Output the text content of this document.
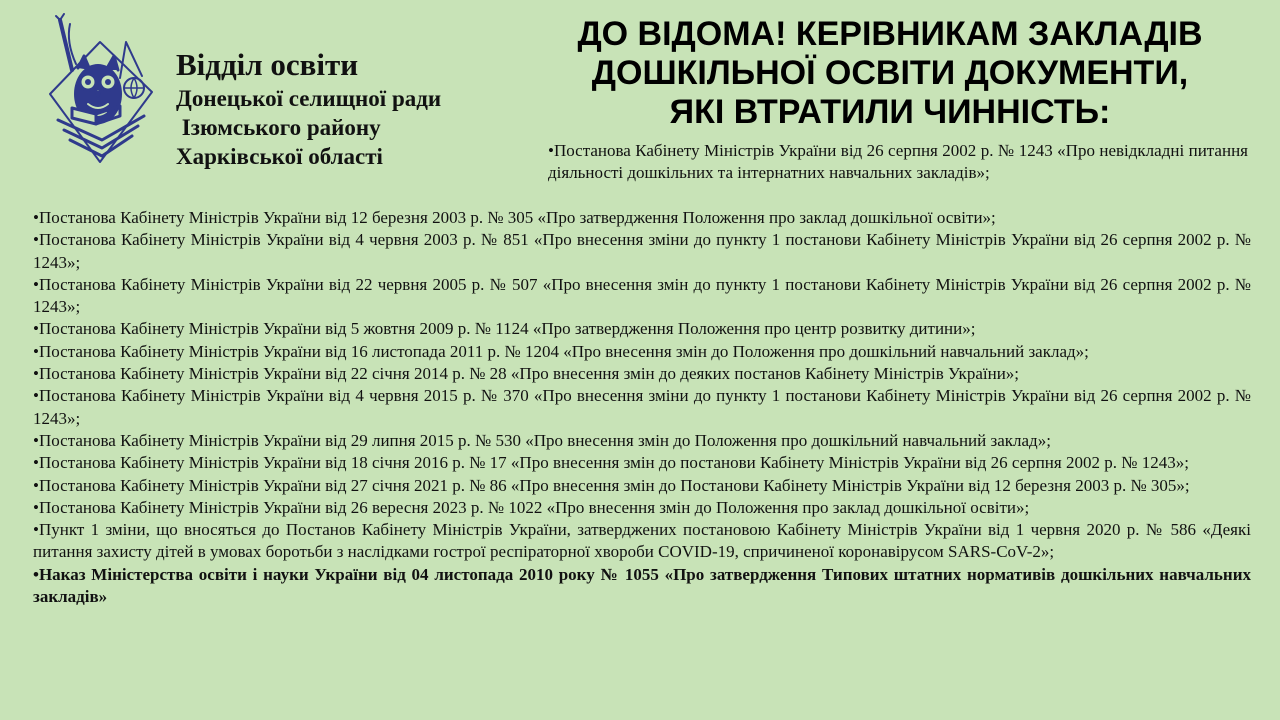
Відділ освіти
Донецької селищної ради
Ізюмського району
Харківської області
ДО ВІДОМА! КЕРІВНИКАМ ЗАКЛАДІВ
ДОШКІЛЬНОЇ ОСВІТИ ДОКУМЕНТИ,
ЯКІ ВТРАТИЛИ ЧИННІСТЬ:

•Постанова Кабінету Міністрів України від 26 серпня 2002 р. № 1243 «Про невідкладні питання діяльності дошкільних та інтернатних навчальних закладів»;

•Постанова Кабінету Міністрів України від 12 березня 2003 р. № 305 «Про затвердження Положення про заклад дошкільної освіти»;

•Постанова Кабінету Міністрів України від 4 червня 2003 р. № 851 «Про внесення зміни до пункту 1 постанови Кабінету Міністрів України від 26 серпня 2002 р. № 1243»;

•Постанова Кабінету Міністрів України від 22 червня 2005 р. № 507 «Про внесення змін до пункту 1 постанови Кабінету Міністрів України від 26 серпня 2002 р. № 1243»;

•Постанова Кабінету Міністрів України від 5 жовтня 2009 р. № 1124 «Про затвердження Положення про центр розвитку дитини»;

•Постанова Кабінету Міністрів України від 16 листопада 2011 р. № 1204 «Про внесення змін до Положення про дошкільний навчальний заклад»;

•Постанова Кабінету Міністрів України від 22 січня 2014 р. № 28 «Про внесення змін до деяких постанов Кабінету Міністрів України»;

•Постанова Кабінету Міністрів України від 4 червня 2015 р. № 370 «Про внесення зміни до пункту 1 постанови Кабінету Міністрів України від 26 серпня 2002 р. № 1243»;

•Постанова Кабінету Міністрів України від 29 липня 2015 р. № 530 «Про внесення змін до Положення про дошкільний навчальний заклад»;

•Постанова Кабінету Міністрів України від 18 січня 2016 р. № 17 «Про внесення змін до постанови Кабінету Міністрів України від 26 серпня 2002 р. № 1243»;

•Постанова Кабінету Міністрів України від 27 січня 2021 р. № 86 «Про внесення змін до Постанови Кабінету Міністрів України від 12 березня 2003 р. № 305»;

•Постанова Кабінету Міністрів України від 26 вересня 2023 р. № 1022 «Про внесення змін до Положення про заклад дошкільної освіти»;

•Пункт 1 зміни, що вносяться до Постанов Кабінету Міністрів України, затверджених постановою Кабінету Міністрів України від 1 червня 2020 р. № 586 «Деякі питання захисту дітей в умовах боротьби з наслідками гострої респіраторної хвороби COVID-19, спричиненої коронавірусом SARS-CoV-2»;

•Наказ Міністерства освіти і науки України від 04 листопада 2010 року № 1055 «Про затвердження Типових штатних нормативів дошкільних навчальних закладів»
